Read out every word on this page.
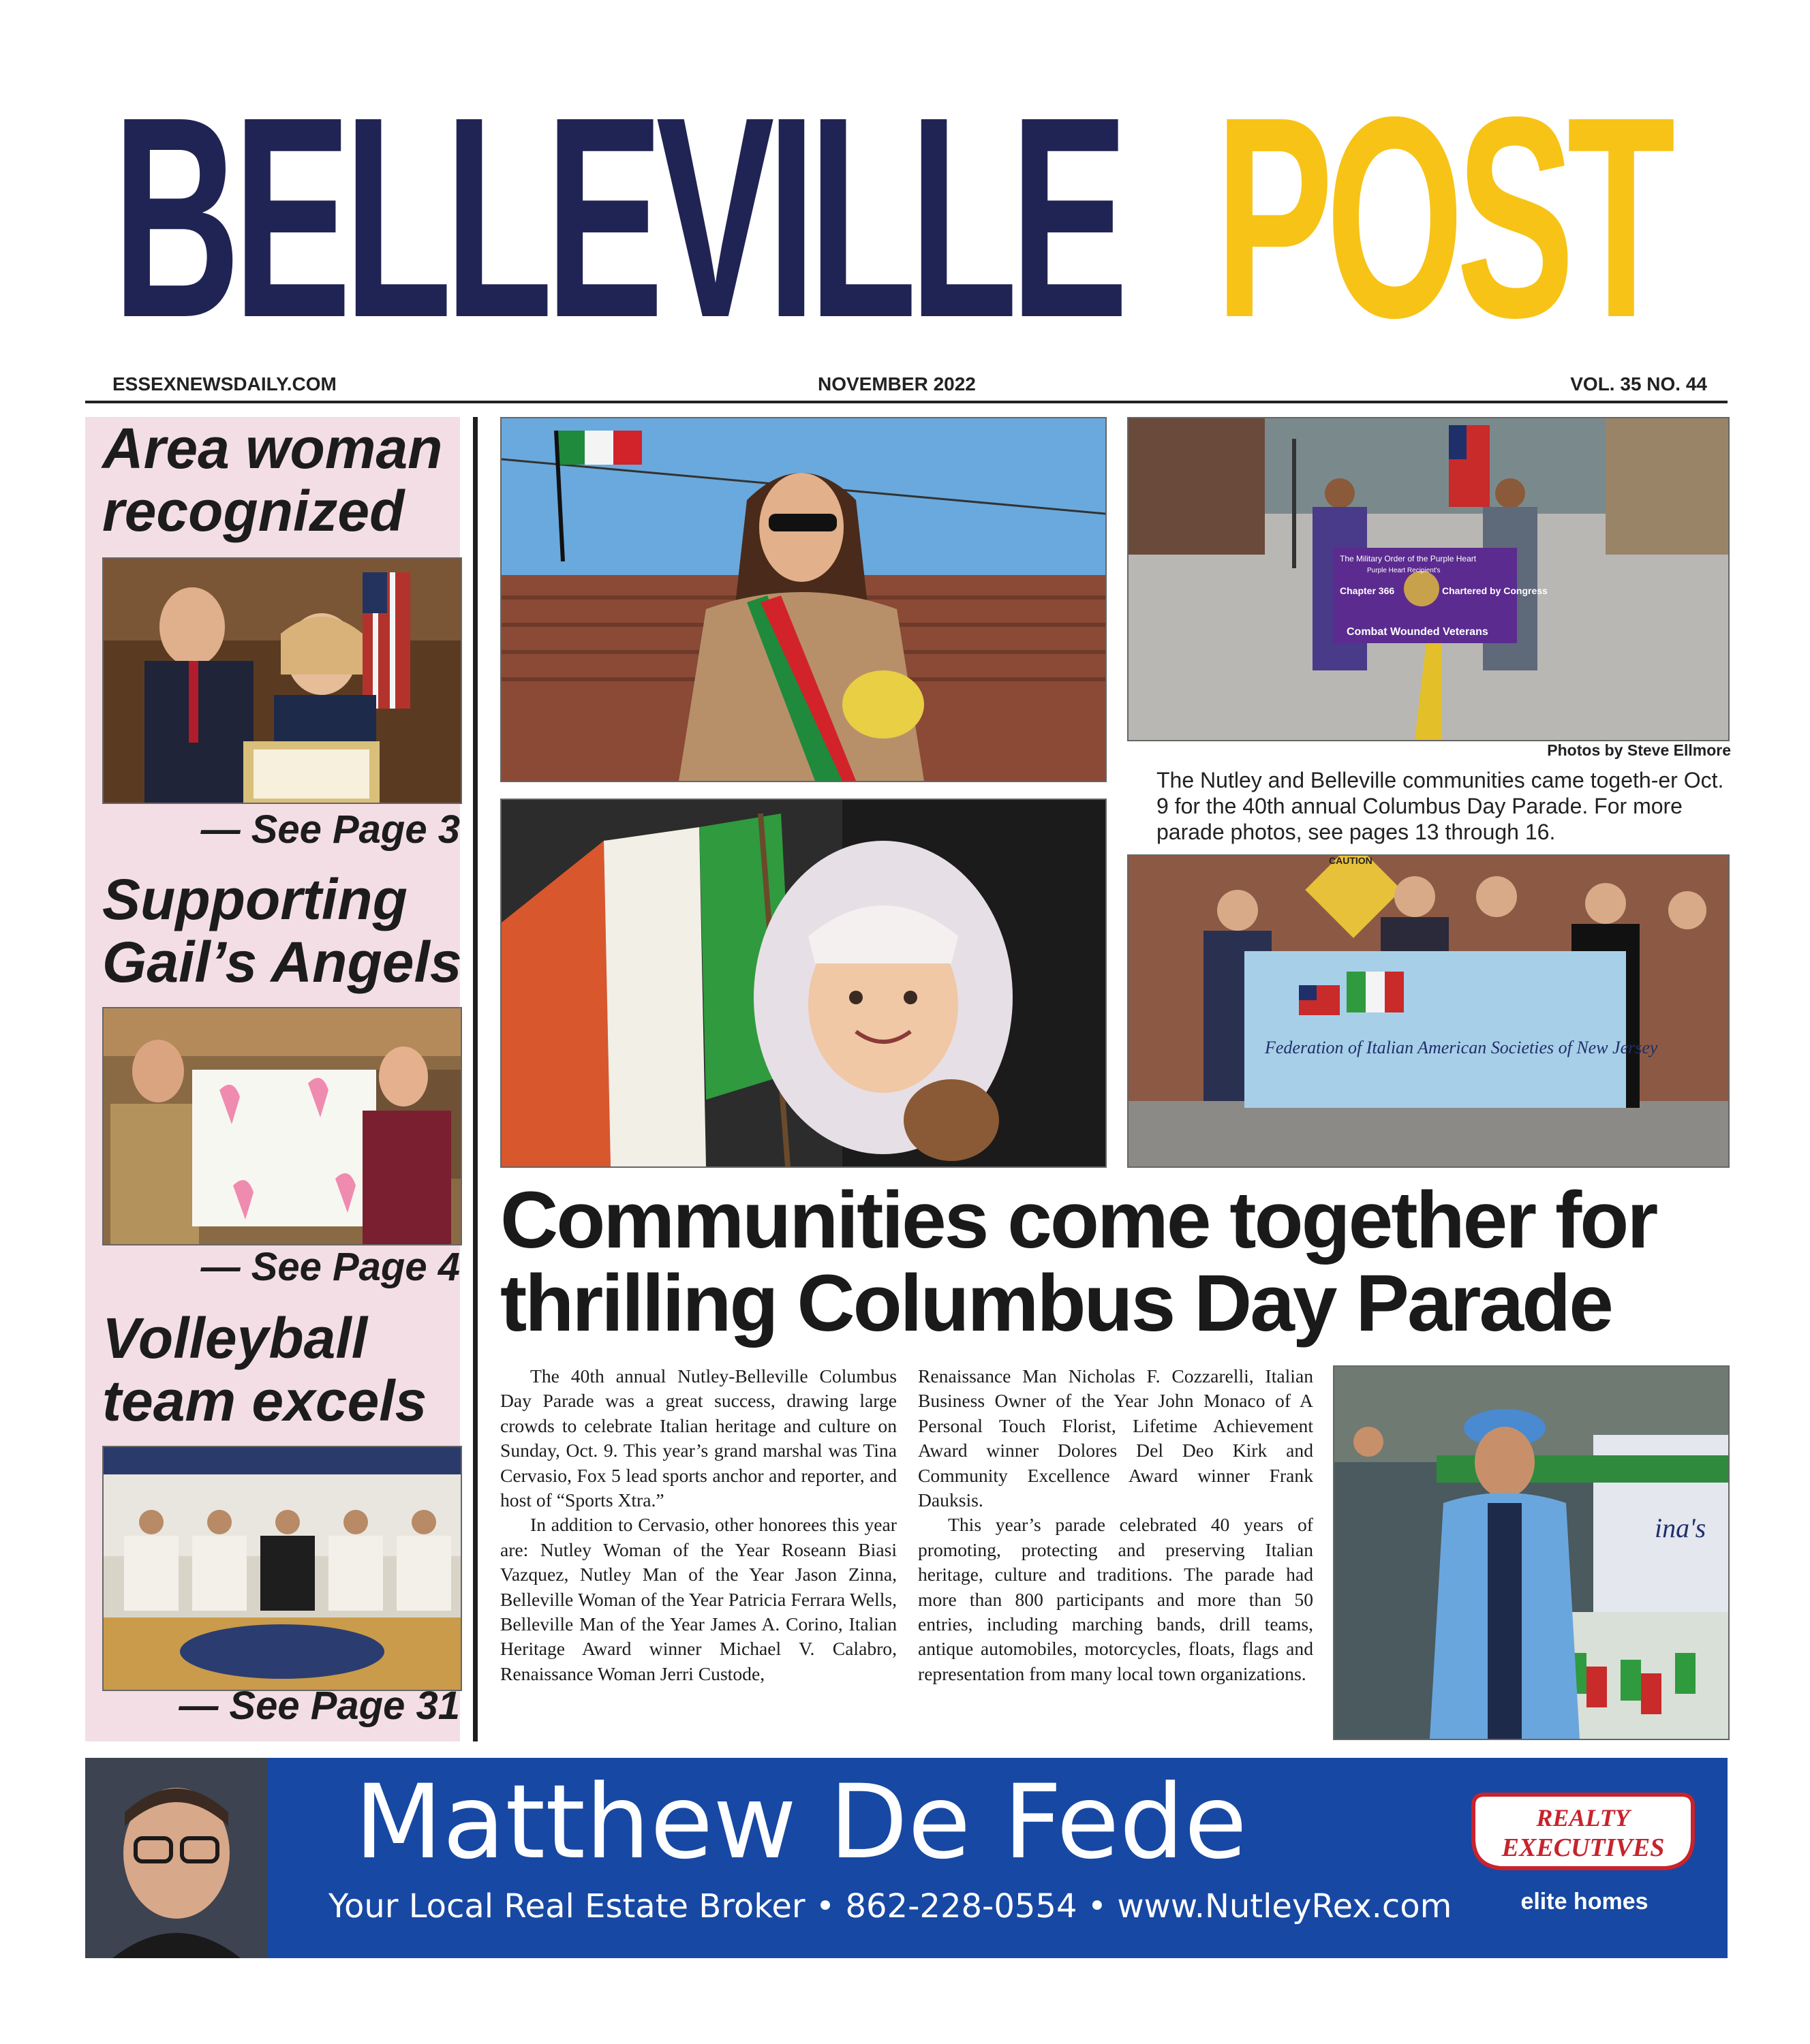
BELLEVILLE POST
ESSEXNEWSDAILY.COM	NOVEMBER 2022	VOL. 35 NO. 44
Area woman
recognized
— See Page 3
Supporting
Gail’s Angels
— See Page 4
Volleyball
team excels
— See Page 31
The Military Order of the Purple Heart
Purple Heart Recipient's
Chapter 366	Chartered by Congress
Combat Wounded Veterans
Photos by Steve Ellmore
The Nutley and Belleville communities came togeth-er Oct. 9 for the 40th annual Columbus Day Parade. For more parade photos, see pages 13 through 16.
CAUTION
Federation of Italian American Societies of New Jersey
Communities come together for
thrilling Columbus Day Parade

The 40th annual Nutley-Belleville Columbus Day Parade was a great success, drawing large crowds to celebrate Italian heritage and culture on Sunday, Oct. 9. This year’s grand marshal was Tina Cervasio, Fox 5 lead sports anchor and reporter, and host of “Sports Xtra.”

In addition to Cervasio, other honorees this year are: Nutley Woman of the Year Roseann Biasi Vazquez, Nutley Man of the Year Jason Zinna, Belleville Woman of the Year Patricia Ferrara Wells, Belleville Man of the Year James A. Corino, Italian Heritage Award winner Michael V. Calabro, Renaissance Woman Jerri Custode,

Renaissance Man Nicholas F. Cozzarelli, Italian Business Owner of the Year John Monaco of A Personal Touch Florist, Lifetime Achievement Award winner Dolores Del Deo Kirk and Community Excellence Award winner Frank Dauksis.

This year’s parade celebrated 40 years of promoting, protecting and preserving Italian heritage, culture and traditions. The parade had more than 800 participants and more than 50 entries, including marching bands, drill teams, antique automobiles, motorcycles, floats, flags and representation from many local town organizations.

ina's
Matthew De Fede
Your Local Real Estate Broker • 862-228-0554 • www.NutleyRex.com
REALTY
EXECUTIVES
elite homes
